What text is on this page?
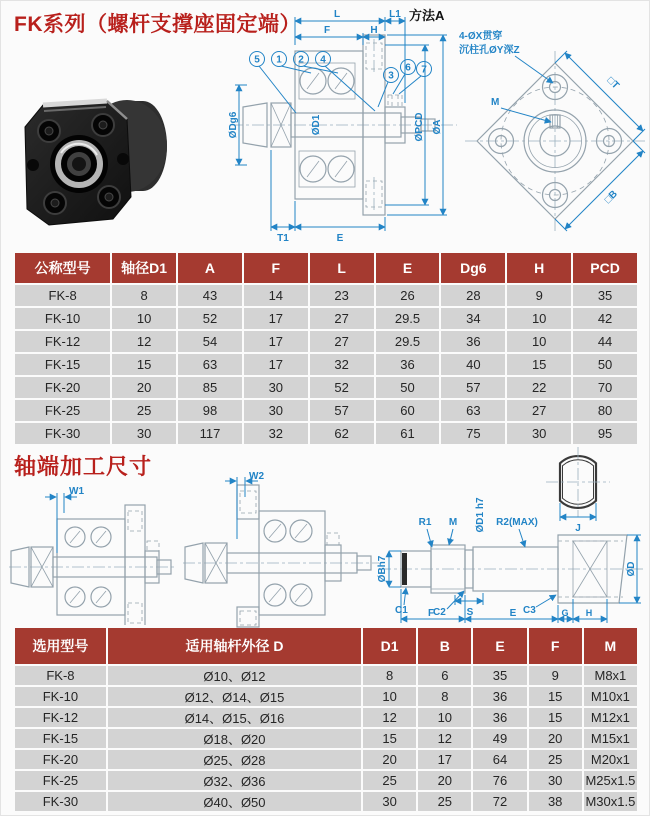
FK系列（螺杆支撑座固定端）	方法A
L	L1
F	H
5 1 2 4
3
6 7
ØDg6	ØD1	ØPCD ØA
T1	E
4-ØX贯穿
沉柱孔ØY深Z
M
□T
□B
公称型号	轴径D1	A	F	L	E	Dg6	H	PCD
FK-8	8	43	14	23	26	28	9	35
FK-10	10	52	17	27	29.5	34	10	42
FK-12	12	54	17	27	29.5	36	10	44
FK-15	15	63	17	32	36	40	15	50
FK-20	20	85	30	52	50	57	22	70
FK-25	25	98	30	57	60	63	27	80
FK-30	30	117	32	62	61	75	30	95
轴端加工尺寸
W1
W2
J
ØBh7
R1 M ØD1 h7 R2(MAX)
C1	C2 S	C3
F	E	G H
ØD
选用型号	适用轴杆外径 D	D1	B	E	F	M
FK-8	Ø10、Ø12	8	6	35	9	M8x1
FK-10	Ø12、Ø14、Ø15	10	8	36	15	M10x1
FK-12	Ø14、Ø15、Ø16	12	10	36	15	M12x1
FK-15	Ø18、Ø20	15	12	49	20	M15x1
FK-20	Ø25、Ø28	20	17	64	25	M20x1
FK-25	Ø32、Ø36	25	20	76	30	M25x1.5
FK-30	Ø40、Ø50	30	25	72	38	M30x1.5
